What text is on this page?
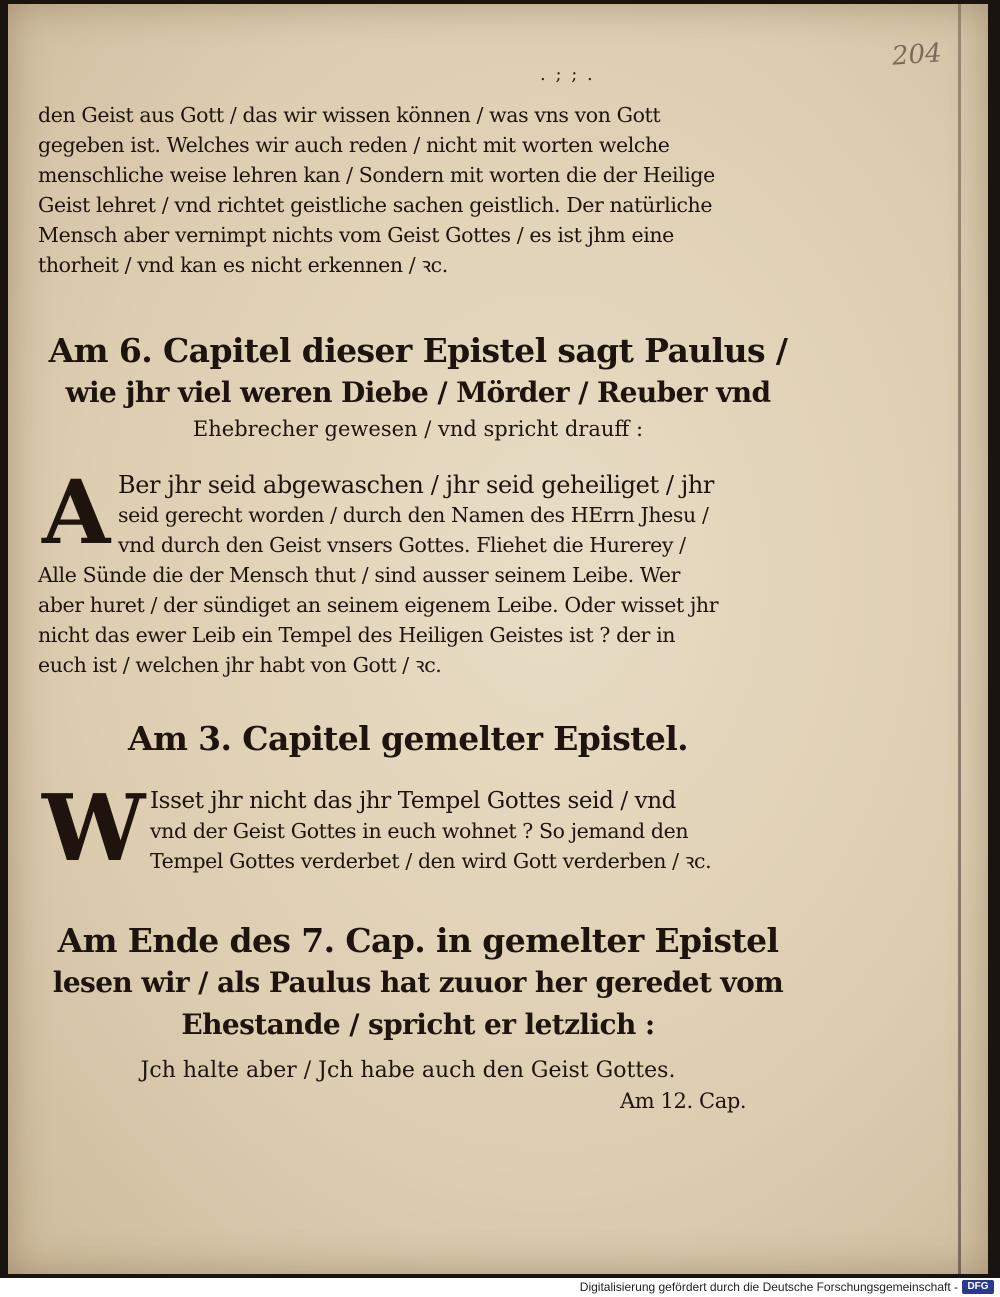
204
. ; ; .
den Geist aus Gott / das wir wissen können / was vns von Gott
gegeben ist. Welches wir auch reden / nicht mit worten welche
menschliche weise lehren kan / Sondern mit worten die der Heilige
Geist lehret / vnd richtet geistliche sachen geistlich. Der natürliche
Mensch aber vernimpt nichts vom Geist Gottes / es ist jhm eine
thorheit / vnd kan es nicht erkennen / ꝛc.
Am 6. Capitel dieser Epistel sagt Paulus /
wie jhr viel weren Diebe / Mörder / Reuber vnd
Ehebrecher gewesen / vnd spricht drauff :
A Ber jhr seid abgewaschen / jhr seid geheiliget / jhr
seid gerecht worden / durch den Namen des HErrn Jhesu /
vnd durch den Geist vnsers Gottes. Fliehet die Hurerey /
Alle Sünde die der Mensch thut / sind ausser seinem Leibe. Wer
aber huret / der sündiget an seinem eigenem Leibe. Oder wisset jhr
nicht das ewer Leib ein Tempel des Heiligen Geistes ist ? der in
euch ist / welchen jhr habt von Gott / ꝛc.
Am 3. Capitel gemelter Epistel.
W Isset jhr nicht das jhr Tempel Gottes seid / vnd
vnd der Geist Gottes in euch wohnet ? So jemand den
Tempel Gottes verderbet / den wird Gott verderben / ꝛc.
Am Ende des 7. Cap. in gemelter Epistel
lesen wir / als Paulus hat zuuor her geredet vom
Ehestande / spricht er letzlich :
Jch halte aber / Jch habe auch den Geist Gottes.
Am 12. Cap.
Digitalisierung gefördert durch die Deutsche Forschungsgemeinschaft - DFG
